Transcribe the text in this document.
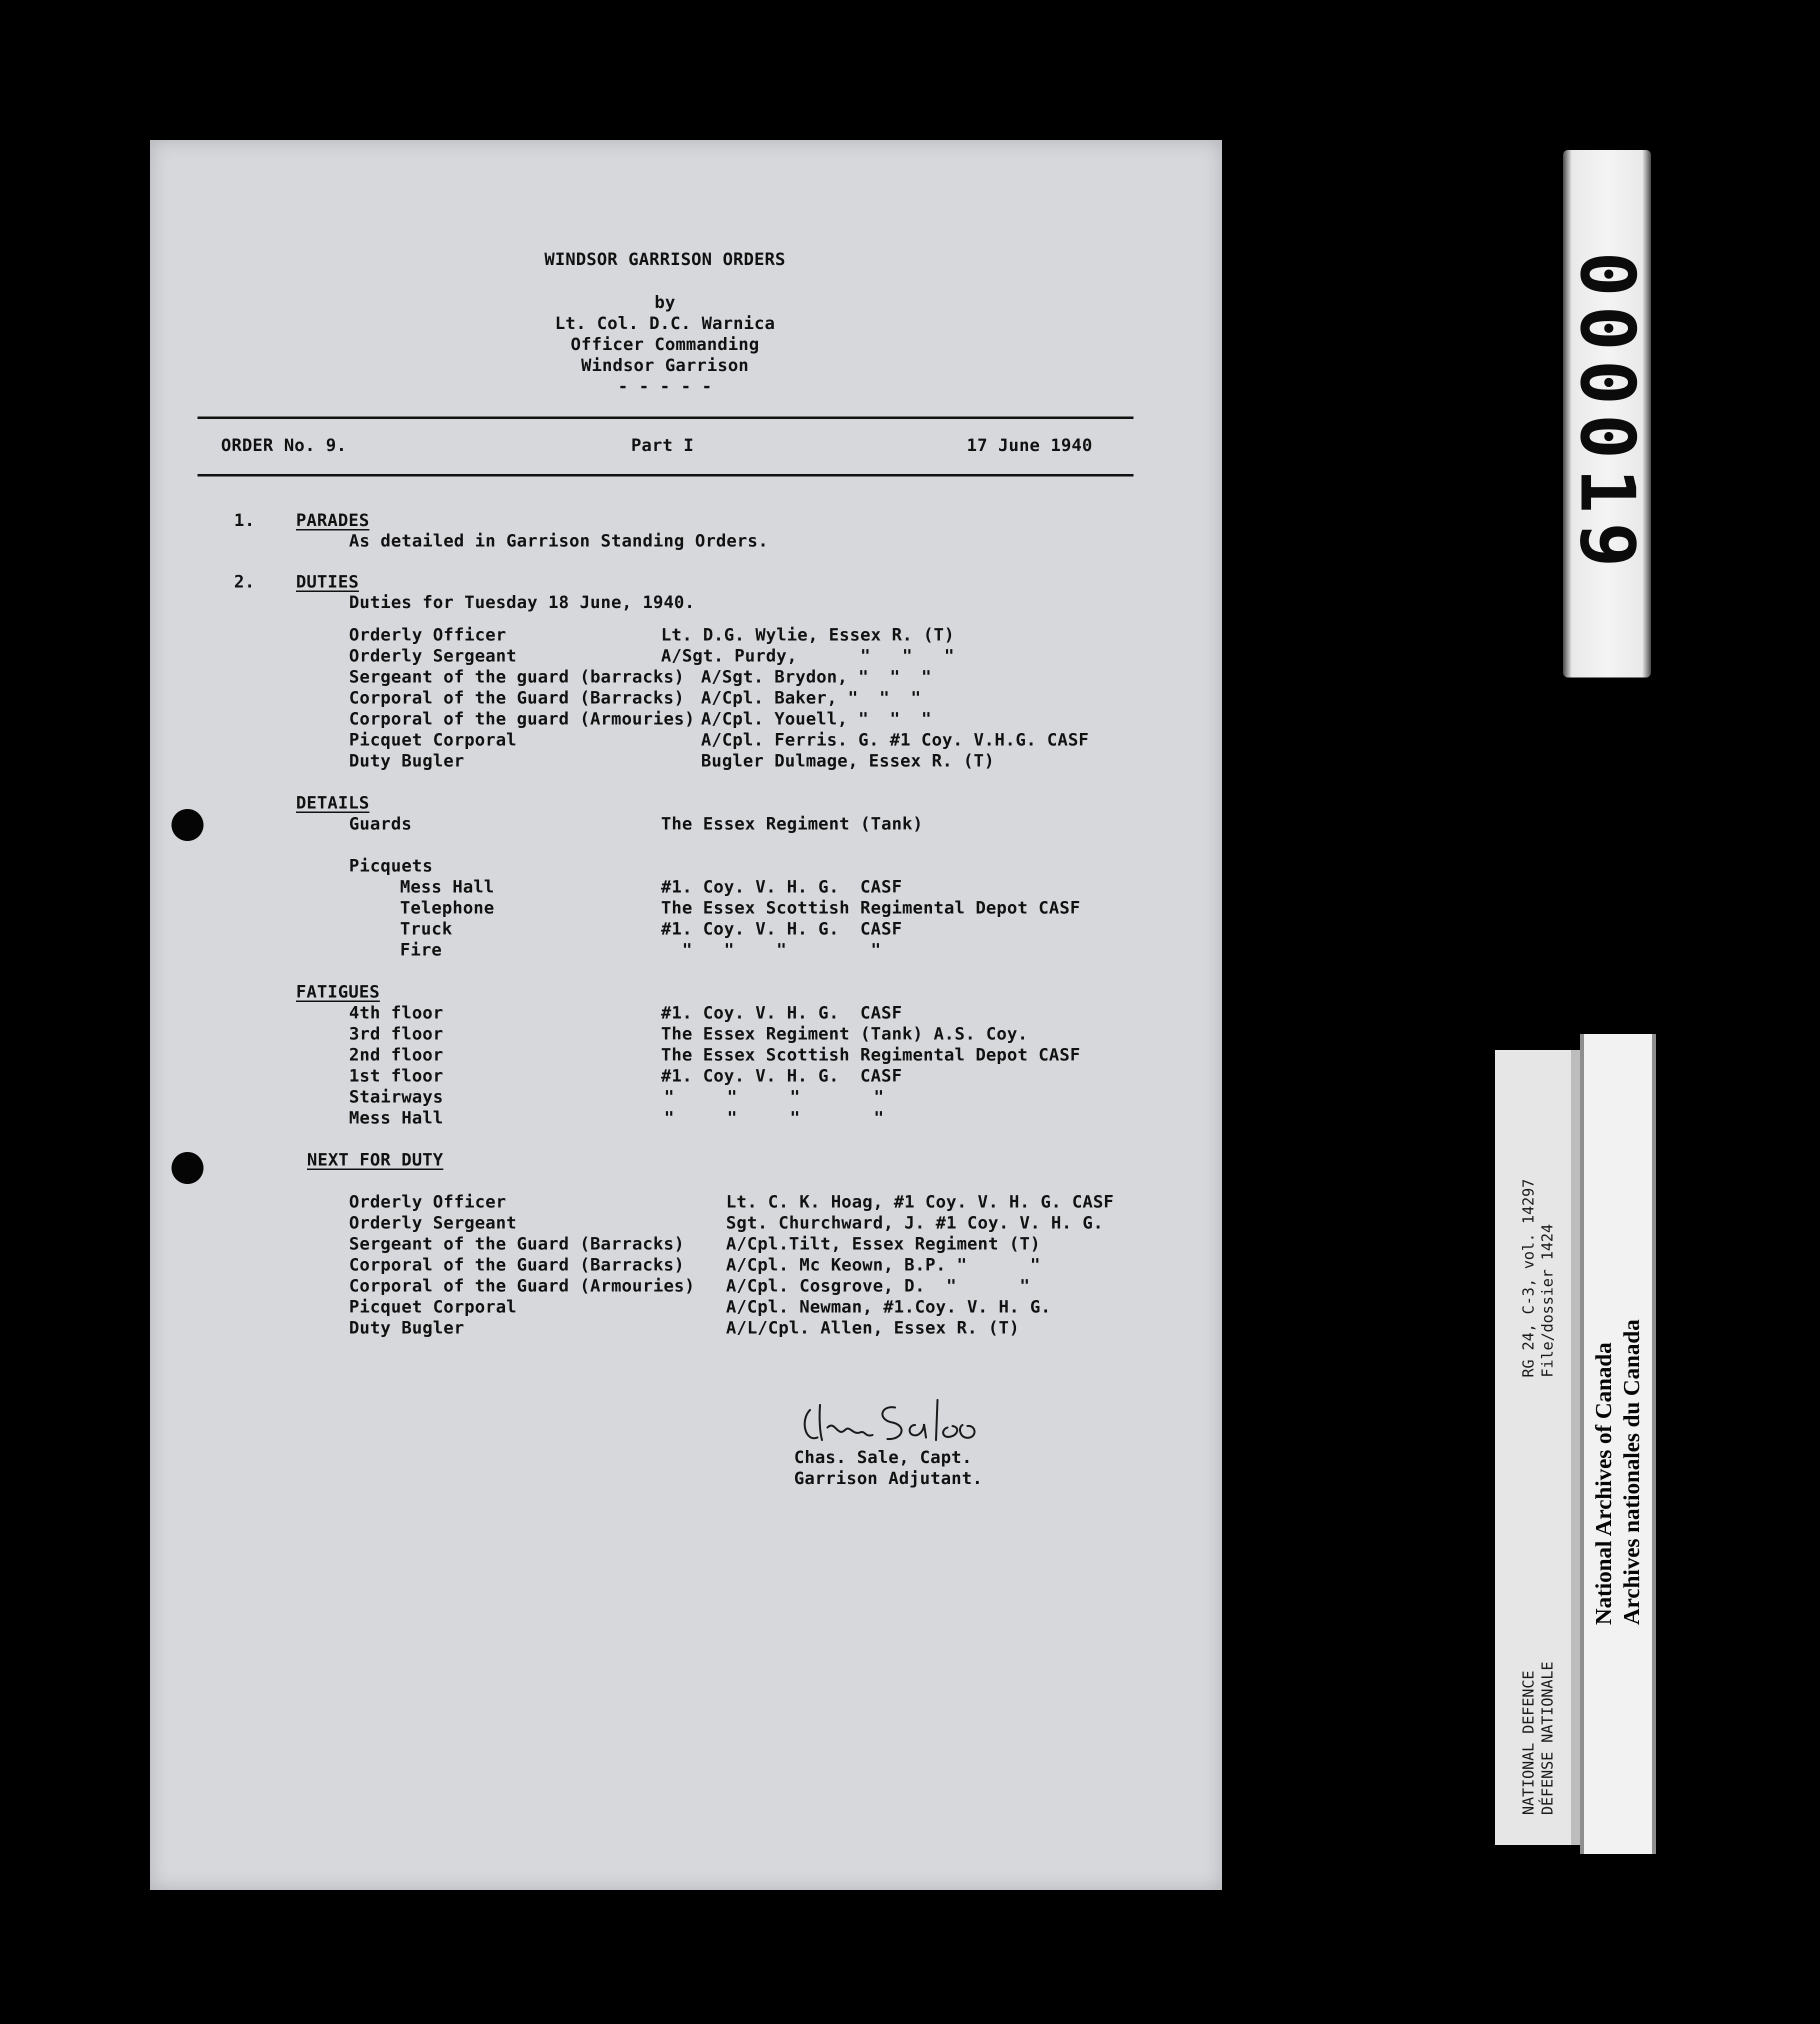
WINDSOR GARRISON ORDERS
by
Lt. Col. D.C. Warnica
Officer Commanding
Windsor Garrison
- - - - -
ORDER No. 9.	Part I	17 June 1940
1. PARADES
As detailed in Garrison Standing Orders.
2. DUTIES
Duties for Tuesday 18 June, 1940.
Orderly Officer	Lt. D.G. Wylie, Essex R. (T)
Orderly Sergeant	A/Sgt. Purdy,      "   "   "
Sergeant of the guard (barracks) A/Sgt. Brydon, "  "  "
Corporal of the Guard (Barracks) A/Cpl. Baker, "  "  "
Corporal of the guard (Armouries) A/Cpl. Youell, "  "  "
Picquet Corporal	A/Cpl. Ferris. G. #1 Coy. V.H.G. CASF
Duty Bugler	Bugler Dulmage, Essex R. (T)
DETAILS
Guards	The Essex Regiment (Tank)
Picquets
Mess Hall	#1. Coy. V. H. G.  CASF
Telephone	The Essex Scottish Regimental Depot CASF
Truck	#1. Coy. V. H. G.  CASF
Fire	"   "    "        "
FATIGUES
4th floor	#1. Coy. V. H. G.  CASF
3rd floor	The Essex Regiment (Tank) A.S. Coy.
2nd floor	The Essex Scottish Regimental Depot CASF
1st floor	#1. Coy. V. H. G.  CASF
Stairways	"     "     "       "
Mess Hall	"     "     "       "
NEXT FOR DUTY
Orderly Officer	Lt. C. K. Hoag, #1 Coy. V. H. G. CASF
Orderly Sergeant	Sgt. Churchward, J. #1 Coy. V. H. G.
Sergeant of the Guard (Barracks) A/Cpl.Tilt, Essex Regiment (T)
Corporal of the Guard (Barracks) A/Cpl. Mc Keown, B.P. "      "
Corporal of the Guard (Armouries) A/Cpl. Cosgrove, D.  "      "
Picquet Corporal	A/Cpl. Newman, #1.Coy. V. H. G.
Duty Bugler	A/L/Cpl. Allen, Essex R. (T)
Chas. Sale, Capt.
Garrison Adjutant.
000019
RG 24, C-3, vol. 14297 File/dossier 1424
NATIONAL DEFENCE DÉFENSE NATIONALE
National Archives of Canada Archives nationales du Canada
